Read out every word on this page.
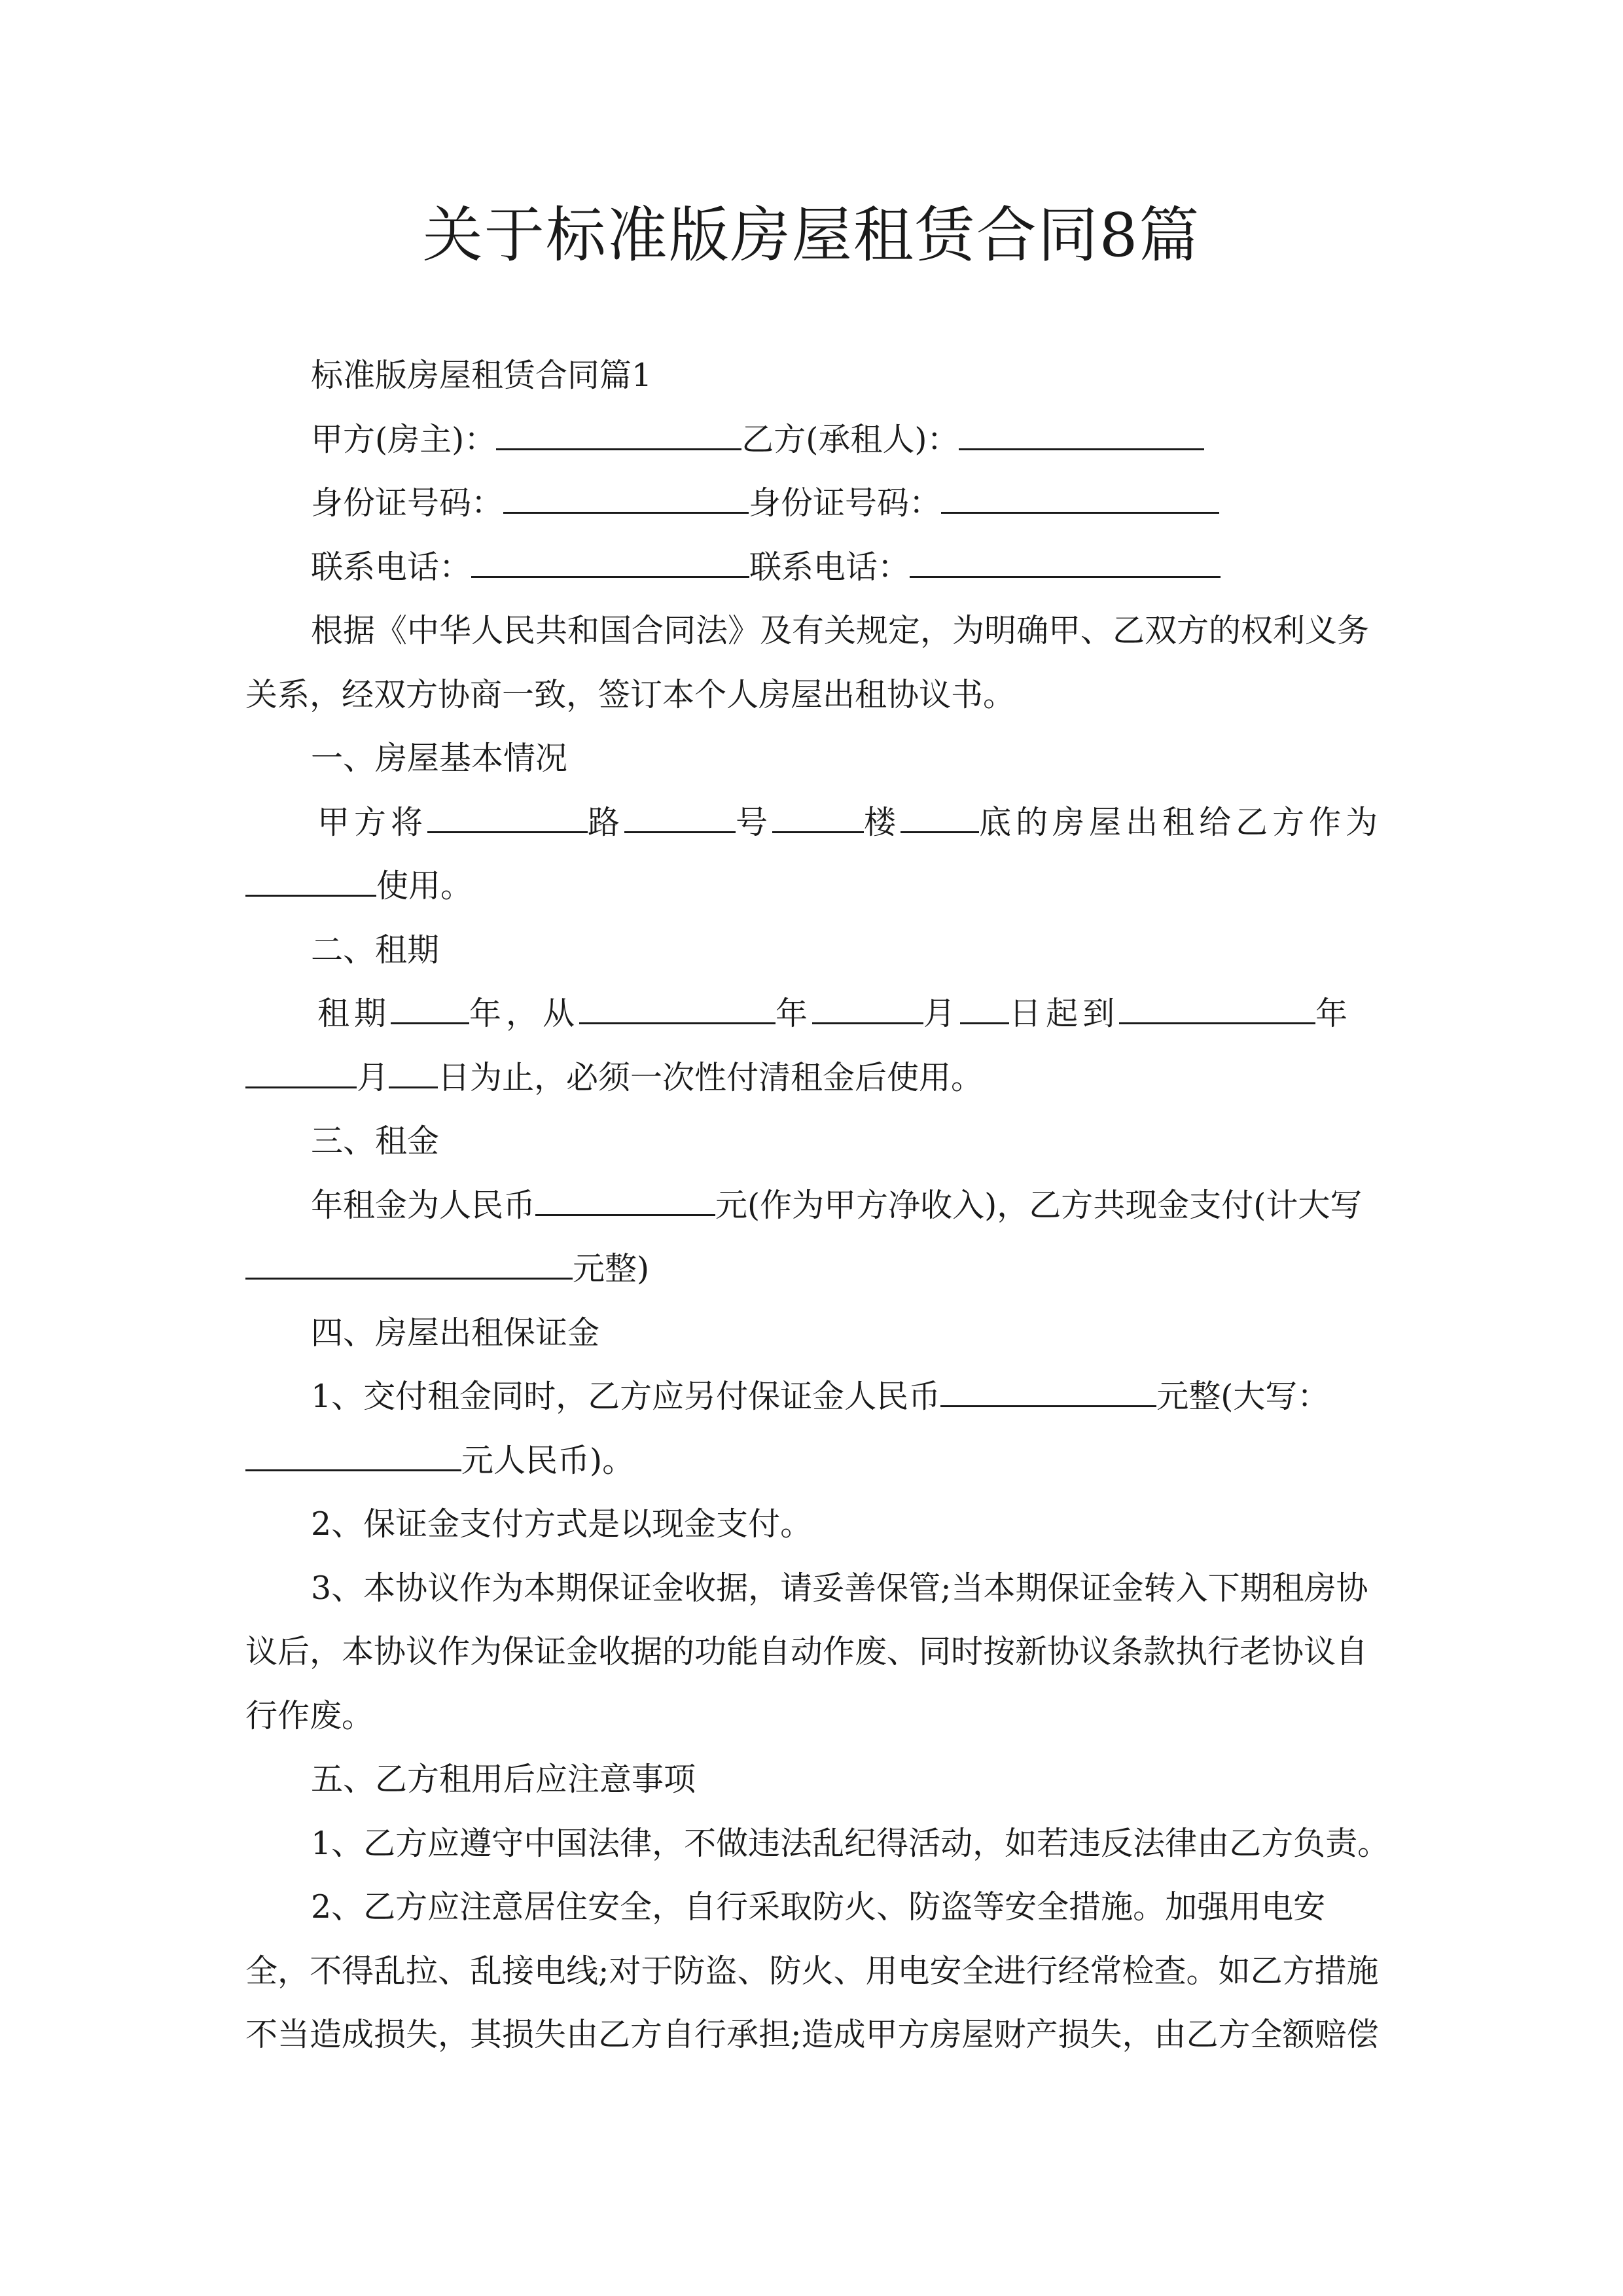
关于标准版房屋租赁合同8篇

标准版房屋租赁合同篇1

甲方(房主)：	乙方(承租人)：

身份证号码：	身份证号码：

联系电话：	联系电话：

根据《中华人民共和国合同法》及有关规定，为明确甲、乙双方的权利义务关系，经双方协商一致，签订本个人房屋出租协议书。

一、房屋基本情况

甲方将	路	号	楼 底的房屋出租给乙方作为

使用。

二、租期

租期 年，从	年	月 日起到	年

月 日为止，必须一次性付清租金后使用。

三、租金

年租金为人民币	元(作为甲方净收入)，乙方共现金支付(计大写

元整)

四、房屋出租保证金

1、交付租金同时，乙方应另付保证金人民币	元整(大写：

元人民币)。

2、保证金支付方式是以现金支付。

3、本协议作为本期保证金收据，请妥善保管;当本期保证金转入下期租房协议后，本协议作为保证金收据的功能自动作废、同时按新协议条款执行老协议自行作废。

五、乙方租用后应注意事项

1、乙方应遵守中国法律，不做违法乱纪得活动，如若违反法律由乙方负责。

2、乙方应注意居住安全，自行采取防火、防盗等安全措施。加强用电安全，不得乱拉、乱接电线;对于防盗、防火、用电安全进行经常检查。如乙方措施不当造成损失，其损失由乙方自行承担;造成甲方房屋财产损失，由乙方全额赔偿
